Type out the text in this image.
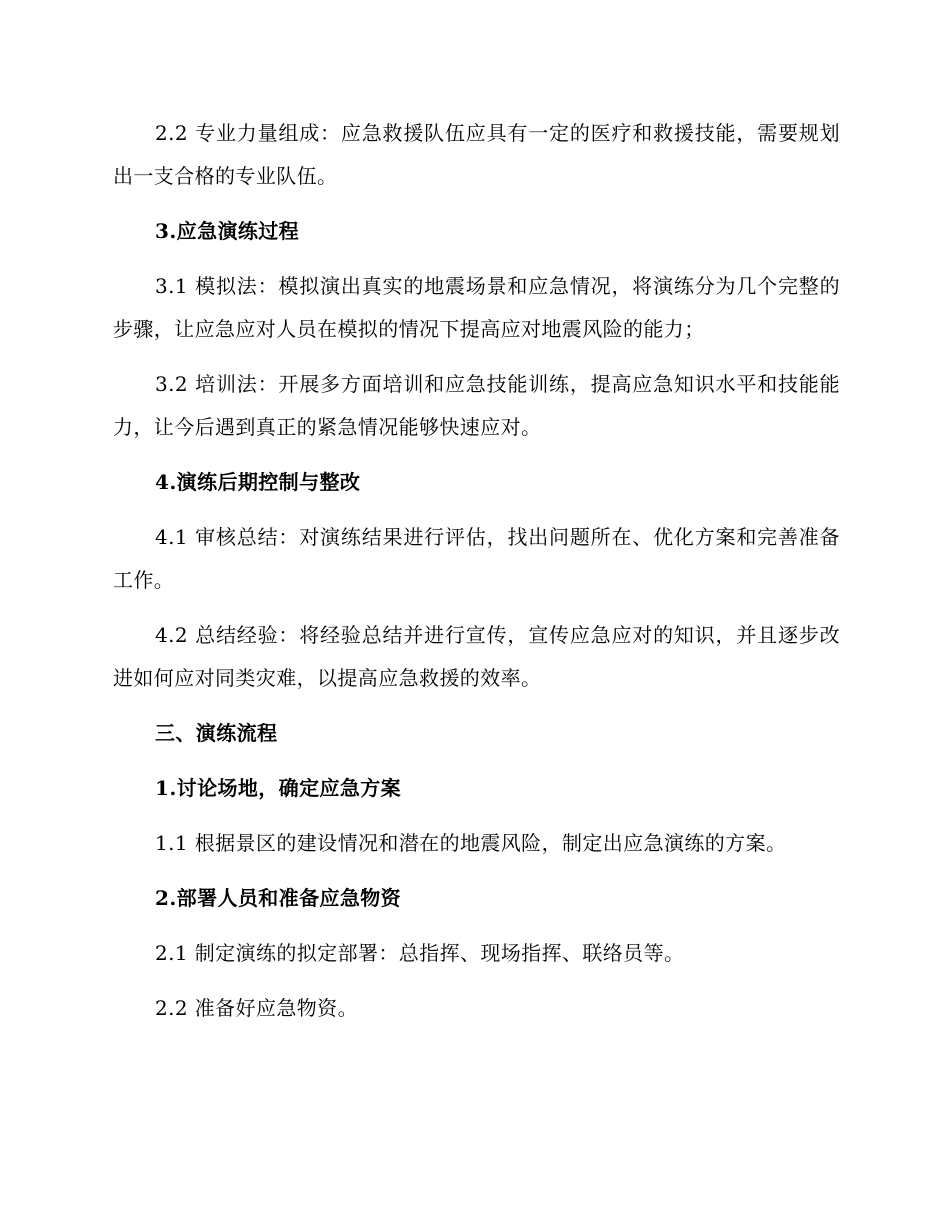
2.2 专业力量组成：应急救援队伍应具有一定的医疗和救援技能，需要规划出一支合格的专业队伍。

3.应急演练过程

3.1 模拟法：模拟演出真实的地震场景和应急情况，将演练分为几个完整的步骤，让应急应对人员在模拟的情况下提高应对地震风险的能力；

3.2 培训法：开展多方面培训和应急技能训练，提高应急知识水平和技能能力，让今后遇到真正的紧急情况能够快速应对。

4.演练后期控制与整改

4.1 审核总结：对演练结果进行评估，找出问题所在、优化方案和完善准备工作。

4.2 总结经验：将经验总结并进行宣传，宣传应急应对的知识，并且逐步改进如何应对同类灾难，以提高应急救援的效率。

三、演练流程

1.讨论场地，确定应急方案

1.1 根据景区的建设情况和潜在的地震风险，制定出应急演练的方案。

2.部署人员和准备应急物资

2.1 制定演练的拟定部署：总指挥、现场指挥、联络员等。

2.2 准备好应急物资。
